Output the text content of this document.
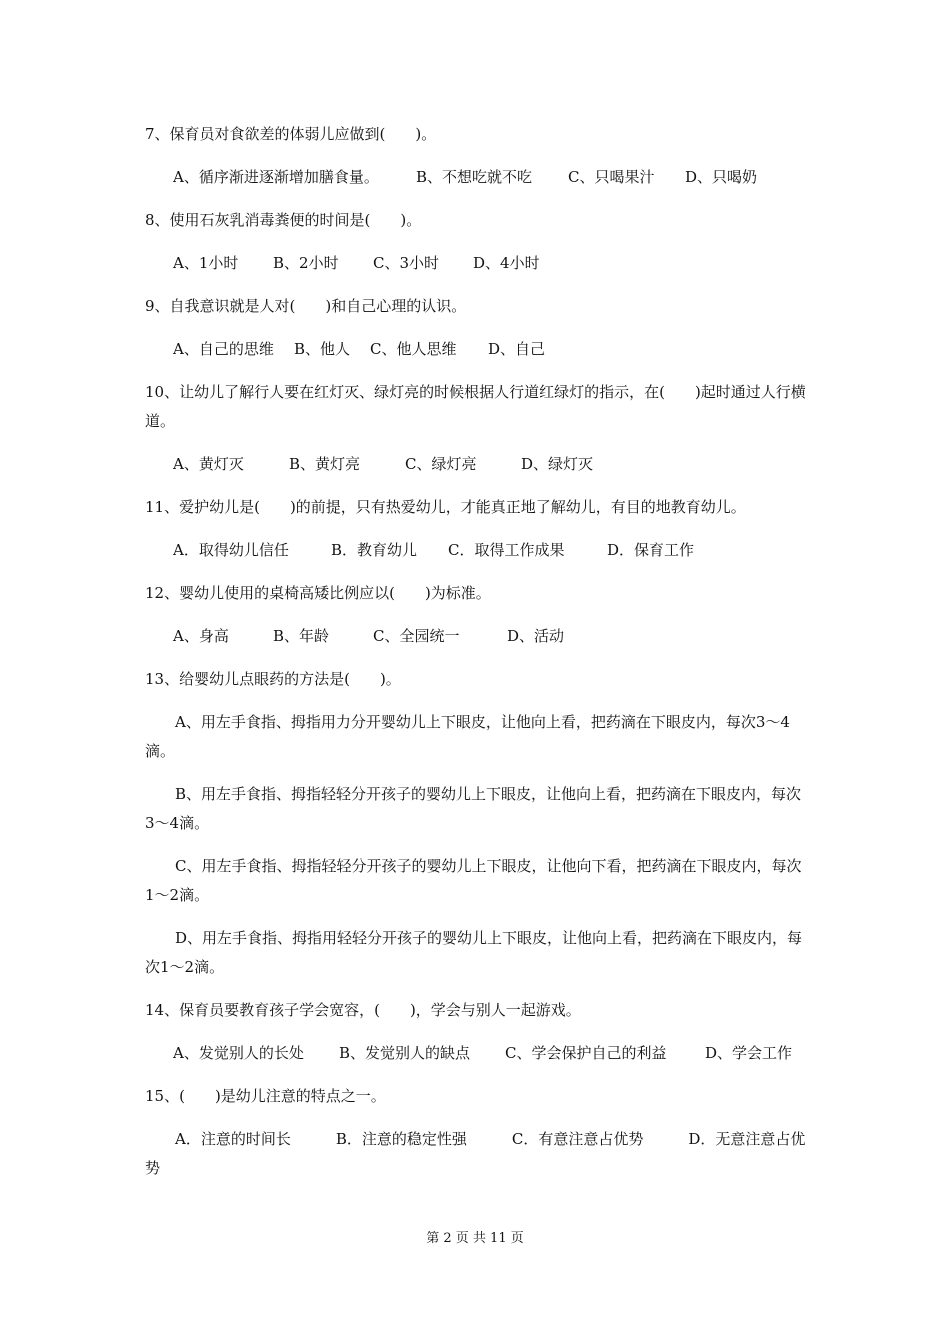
7、保育员对食欲差的体弱儿应做到(　　)。

A、循序渐进逐渐增加膳食量。 B、不想吃就不吃 C、只喝果汁 D、只喝奶

8、使用石灰乳消毒粪便的时间是(　　)。

A、1小时 B、2小时 C、3小时 D、4小时

9、自我意识就是人对(　　)和自己心理的认识。

A、自己的思维 B、他人 C、他人思维 D、自己

10、让幼儿了解行人要在红灯灭、绿灯亮的时候根据人行道红绿灯的指示，在(　　)起时通过人行横道。

A、黄灯灭	B、黄灯亮	C、绿灯亮	D、绿灯灭

11、爱护幼儿是(　　)的前提，只有热爱幼儿，才能真正地了解幼儿，有目的地教育幼儿。

A．取得幼儿信任	B．教育幼儿 C．取得工作成果	D．保育工作

12、婴幼儿使用的桌椅高矮比例应以(　　)为标准。

A、身高	B、年龄	C、全园统一	D、活动

13、给婴幼儿点眼药的方法是(　　)。

A、用左手食指、拇指用力分开婴幼儿上下眼皮，让他向上看，把药滴在下眼皮内，每次3～4滴。

B、用左手食指、拇指轻轻分开孩子的婴幼儿上下眼皮，让他向上看，把药滴在下眼皮内，每次3～4滴。

C、用左手食指、拇指轻轻分开孩子的婴幼儿上下眼皮，让他向下看，把药滴在下眼皮内，每次1～2滴。

D、用左手食指、拇指用轻轻分开孩子的婴幼儿上下眼皮，让他向上看，把药滴在下眼皮内，每次1～2滴。

14、保育员要教育孩子学会宽容，(　　)，学会与别人一起游戏。

A、发觉别人的长处 B、发觉别人的缺点 C、学会保护自己的利益	D、学会工作

15、(　　)是幼儿注意的特点之一。

A．注意的时间长　　　B．注意的稳定性强　　　C．有意注意占优势　　　D．无意注意占优势

第 2 页 共 11 页
